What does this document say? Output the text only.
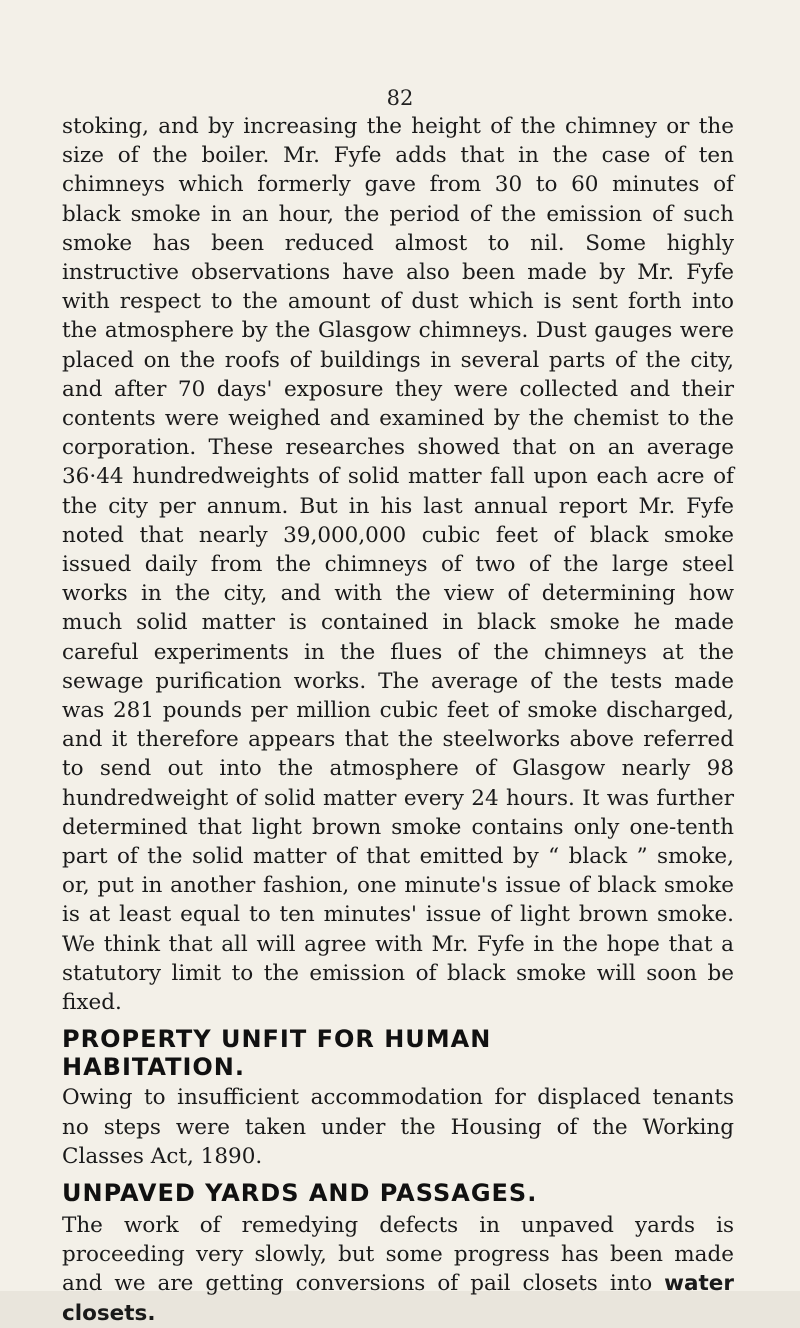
82

stoking, and by increasing the height of the chimney or the size of the boiler. Mr. Fyfe adds that in the case of ten chimneys which formerly gave from 30 to 60 minutes of black smoke in an hour, the period of the emission of such smoke has been reduced almost to nil. Some highly instructive observations have also been made by Mr. Fyfe with respect to the amount of dust which is sent forth into the atmosphere by the Glasgow chimneys. Dust gauges were placed on the roofs of buildings in several parts of the city, and after 70 days' exposure they were collected and their contents were weighed and examined by the chemist to the corporation. These researches showed that on an average 36·44 hundredweights of solid matter fall upon each acre of the city per annum. But in his last annual report Mr. Fyfe noted that nearly 39,000,000 cubic feet of black smoke issued daily from the chimneys of two of the large steel works in the city, and with the view of determining how much solid matter is contained in black smoke he made careful experiments in the flues of the chimneys at the sewage purification works. The average of the tests made was 281 pounds per million cubic feet of smoke discharged, and it therefore appears that the steelworks above referred to send out into the atmosphere of Glasgow nearly 98 hundredweight of solid matter every 24 hours. It was further determined that light brown smoke contains only one-tenth part of the solid matter of that emitted by “ black ” smoke, or, put in another fashion, one minute's issue of black smoke is at least equal to ten minutes' issue of light brown smoke. We think that all will agree with Mr. Fyfe in the hope that a statutory limit to the emission of black smoke will soon be fixed.

PROPERTY UNFIT FOR HUMAN
HABITATION.

Owing to insufficient accommodation for displaced tenants no steps were taken under the Housing of the Working Classes Act, 1890.

UNPAVED YARDS AND PASSAGES.

The work of remedying defects in unpaved yards is proceeding very slowly, but some progress has been made and we are getting conversions of pail closets into water closets.
